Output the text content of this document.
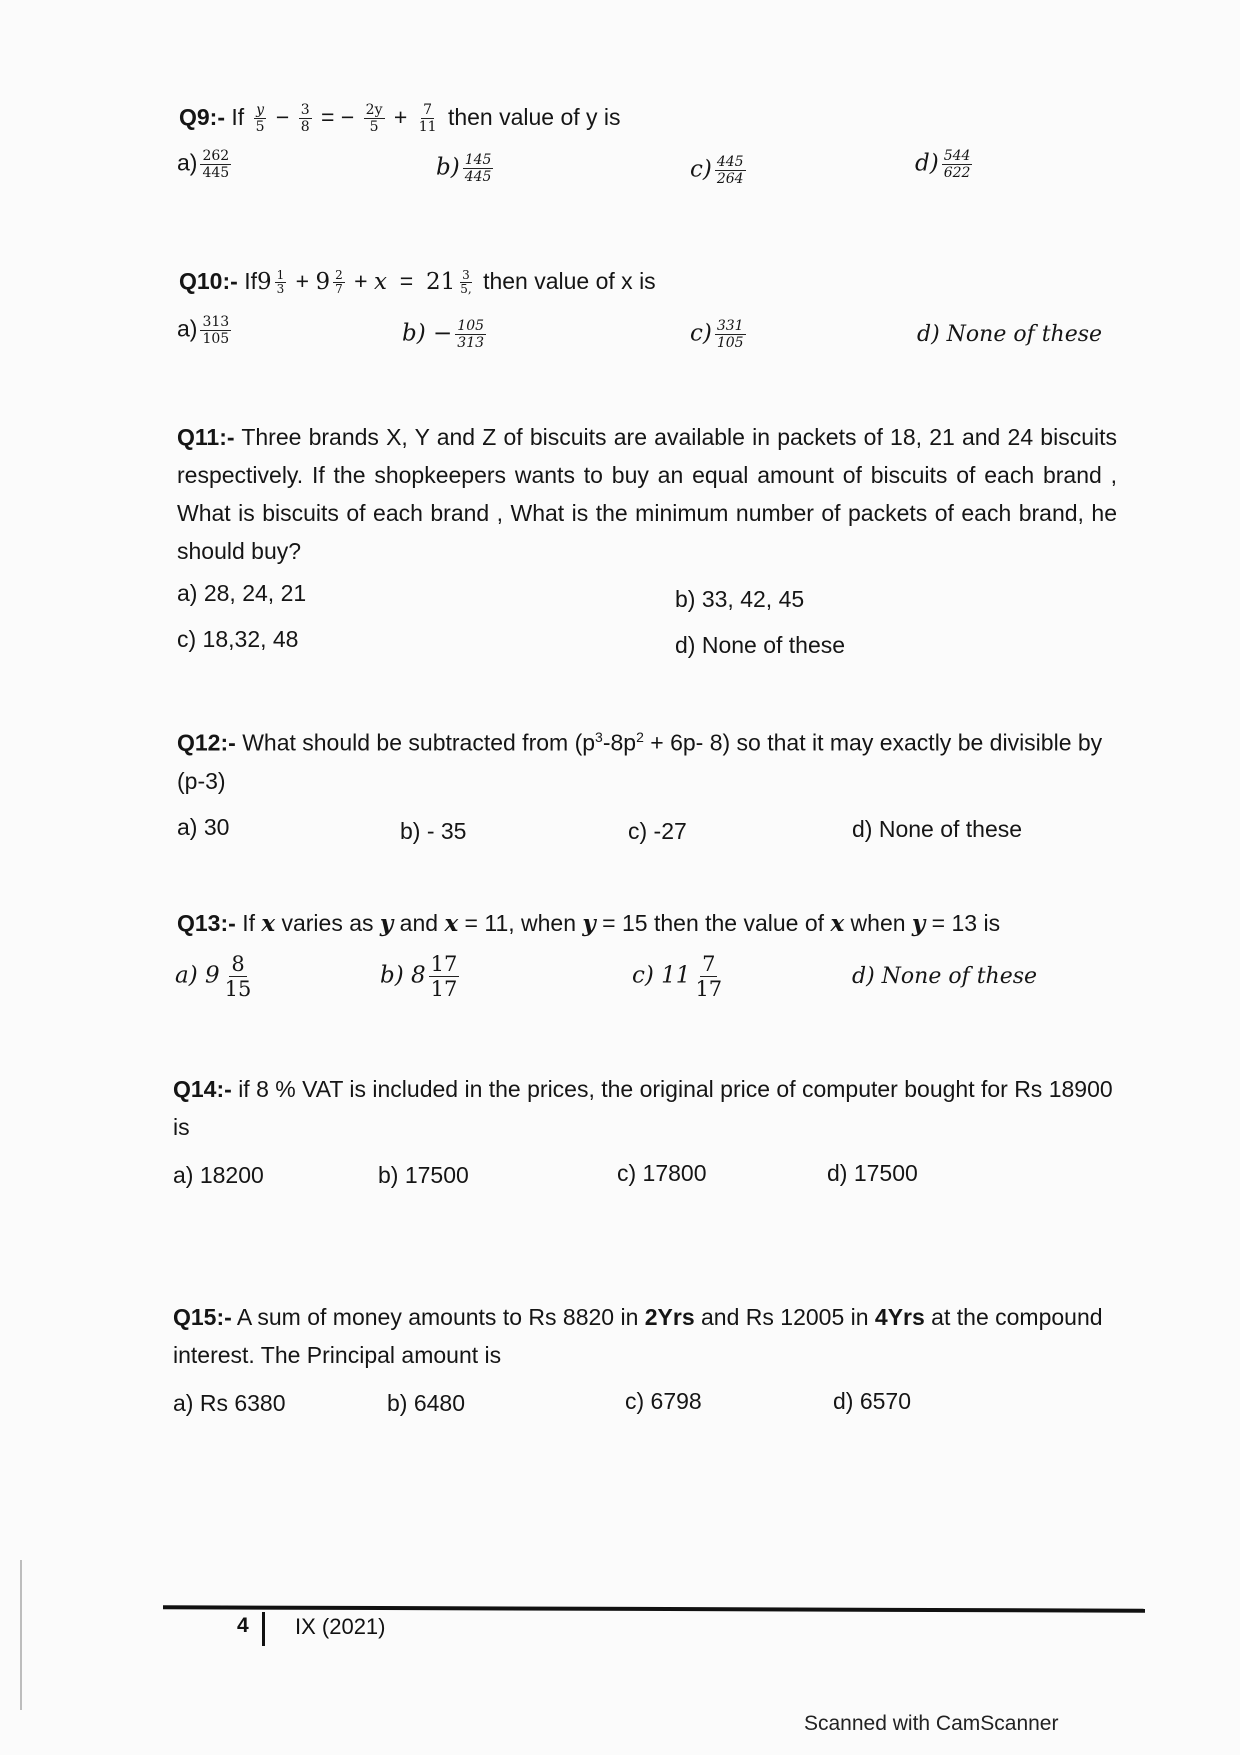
Q9:- If $\frac{y}{5} - \frac{3}{8}$ = − $\frac{2y}{5} + \frac{7}{11}$ then value of y is
$a) \frac{262}{445}$	$b) \frac{145}{445}$	$c) \frac{445}{264}$	$d) \frac{544}{622}$
Q10:- $If9 \frac{1}{3} + 9 \frac{2}{7} + x = 21 \frac{3}{5,}$ then value of x is
$a) \frac{313}{105}$	$b) - \frac{105}{313}$	$c) \frac{331}{105}$	d) None of these
Q11:- Three brands X, Y and Z of biscuits are available in packets of 18, 21 and 24 biscuits respectively. If the shopkeepers wants to buy an equal amount of biscuits of each brand , What is biscuits of each brand , What is the minimum number of packets of each brand, he should buy?
a) 28, 24, 21	b) 33, 42, 45
c) 18,32, 48	d) None of these
Q12:- What should be subtracted from ($p^3-8p^2 + 6p-$ 8) so that it may exactly be divisible by (p-3)
a) 30	b) - 35	c) -27	d) None of these
Q13:- If x varies as y and x = 11, when y = 15 then the value of x when y = 13 is
a) $9 \frac{8}{15}$	b) $8 \frac{17}{17}$	c) $11 \frac{7}{17}$	d) None of these
Q14:- if 8 % VAT is included in the prices, the original price of computer bought for Rs 18900 is
a) 18200	b) 17500	c) 17800	d) 17500
Q15:- A sum of money amounts to Rs 8820 in 2Yrs and Rs 12005 in 4Yrs at the compound interest. The Principal amount is
a) Rs 6380	b) 6480	c) 6798	d) 6570
4 IX (2021)
Scanned with CamScanner
